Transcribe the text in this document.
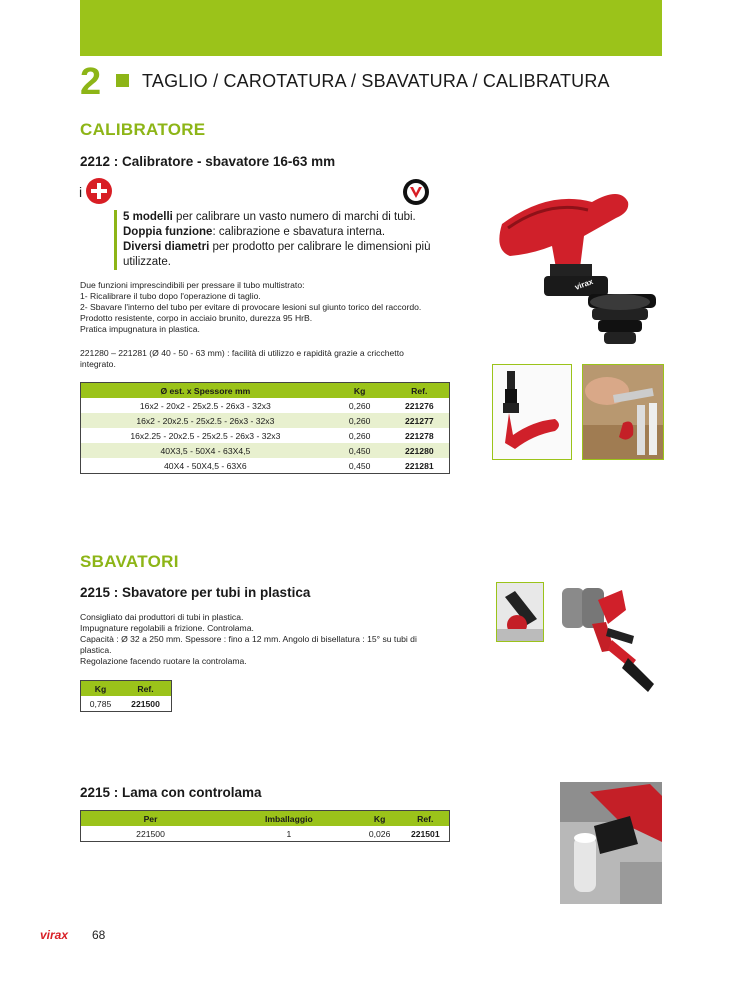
2 TAGLIO / CAROTATURA / SBAVATURA / CALIBRATURA
CALIBRATORE
2212 : Calibratore - sbavatore 16-63 mm
i
5 modelli per calibrare un vasto numero di marchi di tubi.
Doppia funzione: calibrazione e sbavatura interna.
Diversi diametri per prodotto per calibrare le dimensioni più utilizzate.
Due funzioni imprescindibili per pressare il tubo multistrato:
1- Ricalibrare il tubo dopo l'operazione di taglio.
2- Sbavare l'interno del tubo per evitare di provocare lesioni sul giunto torico del raccordo.
Prodotto resistente, corpo in acciaio brunito, durezza 95 HrB.
Pratica impugnatura in plastica.
221280 – 221281 (Ø 40 - 50 - 63 mm) : facilità di utilizzo e rapidità grazie a cricchetto
integrato.
Ø est. x Spessore mm	Kg	Ref.
16x2 - 20x2 - 25x2.5 - 26x3 - 32x3	0,260	221276
16x2 - 20x2.5 - 25x2.5 - 26x3 - 32x3	0,260	221277
16x2.25 - 20x2.5 - 25x2.5 - 26x3 - 32x3	0,260	221278
40X3,5 - 50X4 - 63X4,5	0,450	221280
40X4 - 50X4,5 - 63X6	0,450	221281
virax
SBAVATORI
2215 : Sbavatore per tubi in plastica
Consigliato dai produttori di tubi in plastica.
Impugnature regolabili a frizione. Controlama.
Capacità : Ø 32 a 250 mm. Spessore : fino a 12 mm. Angolo di bisellatura : 15° su tubi di
plastica.
Regolazione facendo ruotare la controlama.
Kg	Ref.
0,785	221500
2215 : Lama con controlama
Per	Imballaggio	Kg	Ref.
221500	1	0,026	221501
virax 68
